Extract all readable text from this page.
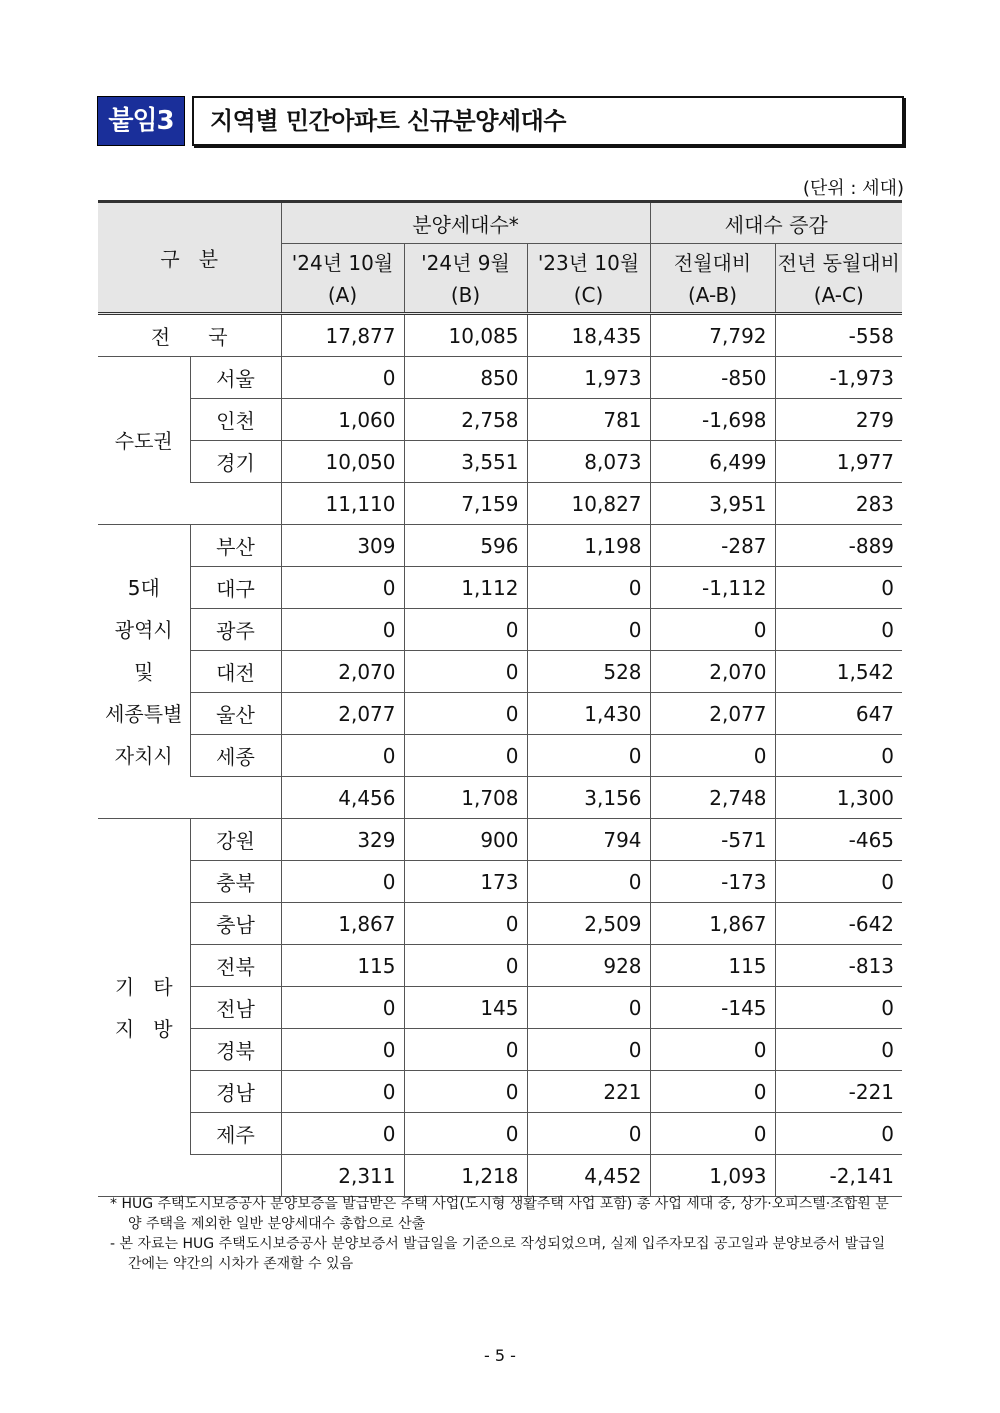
붙임3	지역별 민간아파트 신규분양세대수
(단위 : 세대)
구   분		분양세대수*			세대수 증감	
		'24년 10월	'24년 9월	'23년 10월	전월대비	전년 동월대비
		(A)	(B)	(C)	(A-B)	(A-C)
전      국		17,877	10,085	18,435	7,792	-558
수도권	서울	0	850	1,973	-850	-1,973
	인천	1,060	2,758	781	-1,698	279
	경기	10,050	3,551	8,073	6,499	1,977
		11,110	7,159	10,827	3,951	283

5대
광역시
및
세종특별
자치시	부산	309	596	1,198	-287	-889
	대구	0	1,112	0	-1,112	0
	광주	0	0	0	0	0
	대전	2,070	0	528	2,070	1,542
	울산	2,077	0	1,430	2,077	647
	세종	0	0	0	0	0
		4,456	1,708	3,156	2,748	1,300

기   타
지   방	강원	329	900	794	-571	-465
	충북	0	173	0	-173	0
	충남	1,867	0	2,509	1,867	-642
	전북	115	0	928	115	-813
	전남	0	145	0	-145	0
	경북	0	0	0	0	0
	경남	0	0	221	0	-221
	제주	0	0	0	0	0
		2,311	1,218	4,452	1,093	-2,141
* HUG 주택도시보증공사 분양보증을 발급받은 주택 사업(도시형 생활주택 사업 포함) 총 사업 세대 중, 상가·오피스텔·조합원 분양 주택을 제외한 일반 분양세대수 총합으로 산출
- 본 자료는 HUG 주택도시보증공사 분양보증서 발급일을 기준으로 작성되었으며, 실제 입주자모집 공고일과 분양보증서 발급일 간에는 약간의 시차가 존재할 수 있음
- 5 -
